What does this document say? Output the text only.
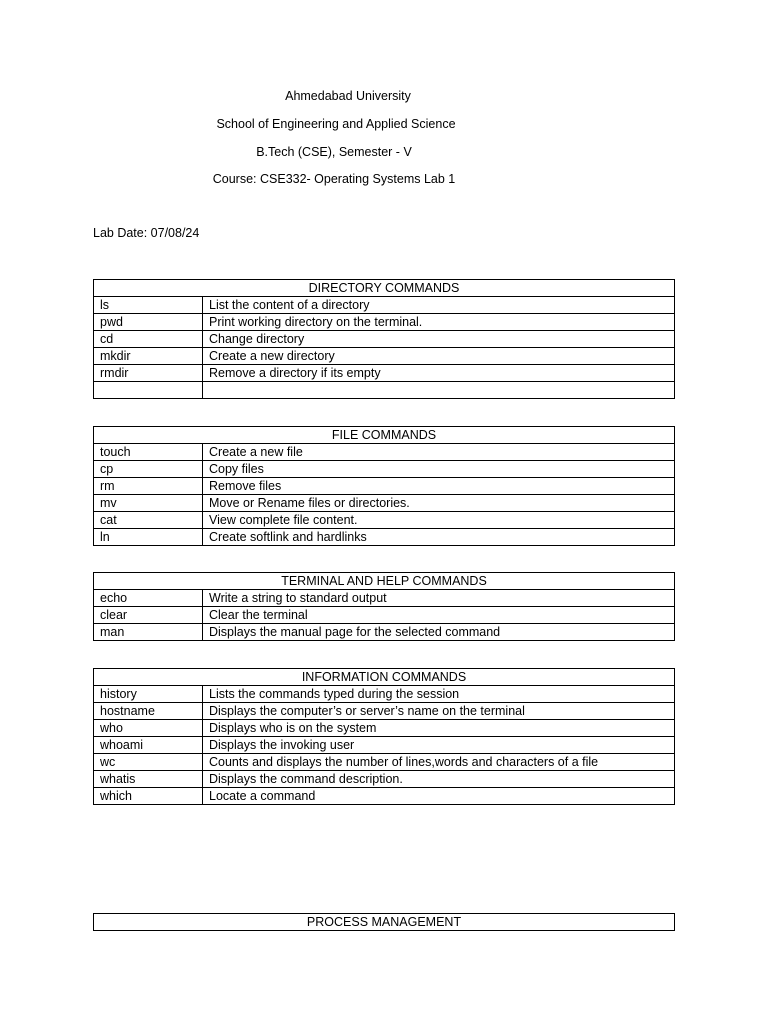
Ahmedabad University
School of Engineering and Applied Science
B.Tech (CSE), Semester - V
Course: CSE332- Operating Systems Lab 1
Lab Date: 07/08/24
DIRECTORY COMMANDS	
ls	List the content of a directory
pwd	Print working directory on the terminal.
cd	Change directory
mkdir	Create a new directory
rmdir	Remove a directory if its empty

FILE COMMANDS	
touch	Create a new file
cp	Copy files
rm	Remove files
mv	Move or Rename files or directories.
cat	View complete file content.
ln	Create softlink and hardlinks
TERMINAL AND HELP COMMANDS	
echo	Write a string to standard output
clear	Clear the terminal
man	Displays the manual page for the selected command
INFORMATION COMMANDS	
history	Lists the commands typed during the session
hostname	Displays the computer’s or server’s name on the terminal
who	Displays who is on the system
whoami	Displays the invoking user
wc	Counts and displays the number of lines,words and characters of a file
whatis	Displays the command description.
which	Locate a command
PROCESS MANAGEMENT
